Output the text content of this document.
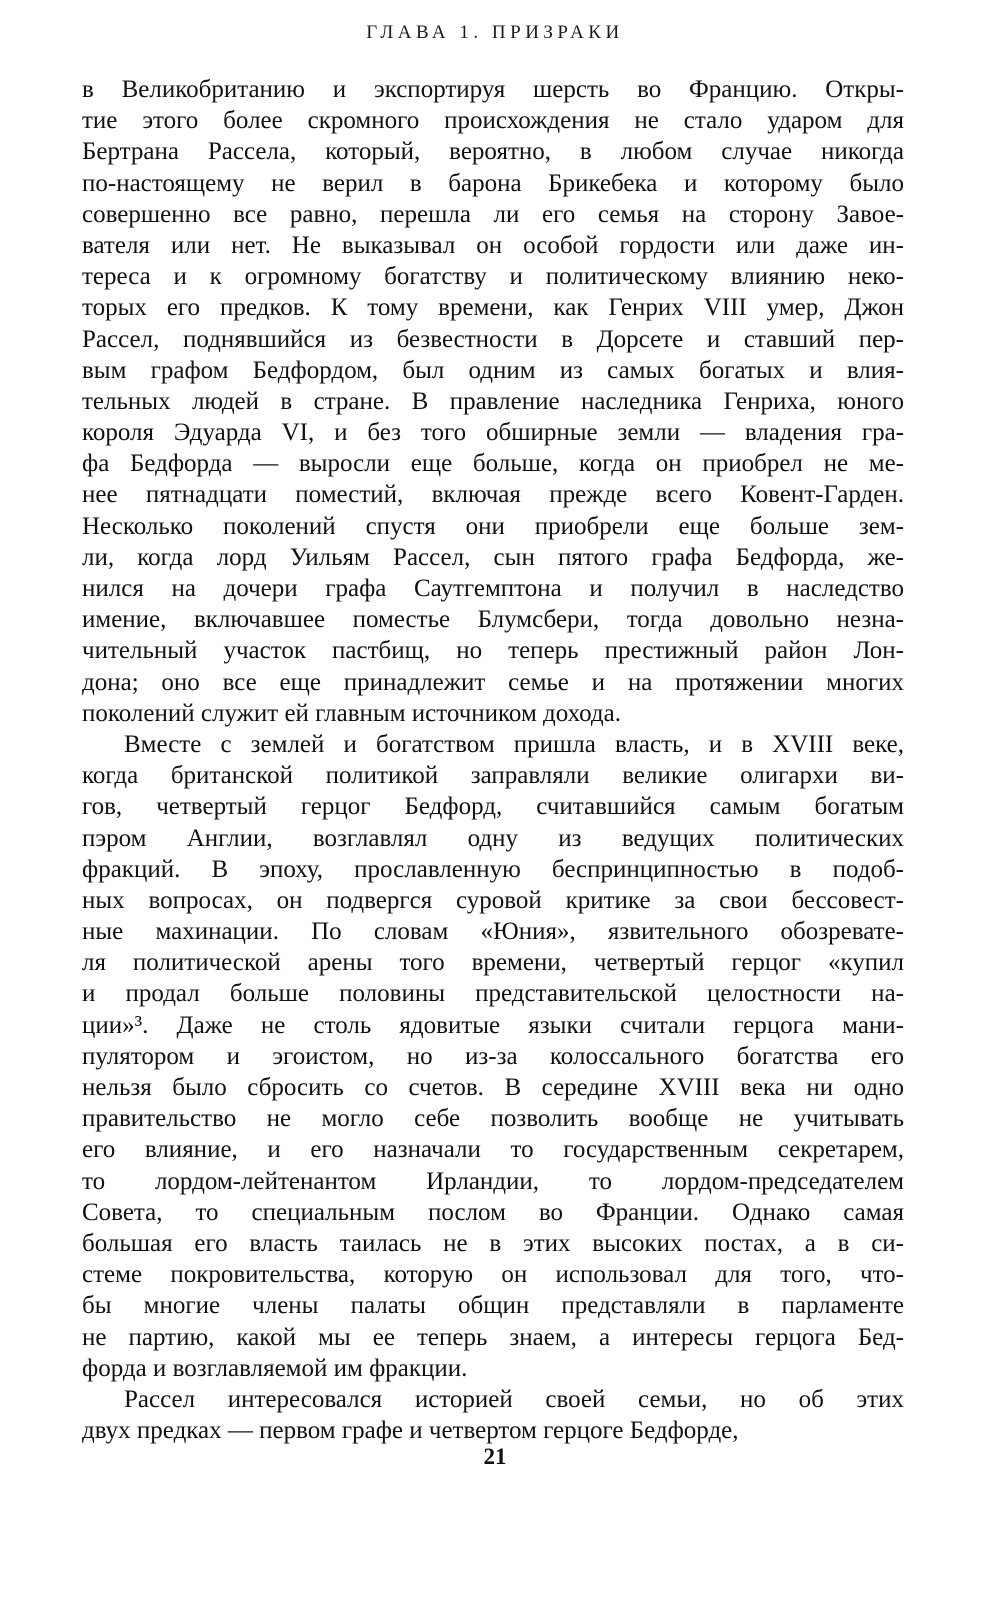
ГЛАВА 1. ПРИЗРАКИ
в Великобританию и экспортируя шерсть во Францию. Откры-
тие этого более скромного происхождения не стало ударом для
Бертрана Рассела, который, вероятно, в любом случае никогда
по-настоящему не верил в барона Брикебека и которому было
совершенно все равно, перешла ли его семья на сторону Завое-
вателя или нет. Не выказывал он особой гордости или даже ин-
тереса и к огромному богатству и политическому влиянию неко-
торых его предков. К тому времени, как Генрих VIII умер, Джон
Рассел, поднявшийся из безвестности в Дорсете и ставший пер-
вым графом Бедфордом, был одним из самых богатых и влия-
тельных людей в стране. В правление наследника Генриха, юного
короля Эдуарда VI, и без того обширные земли — владения гра-
фа Бедфорда — выросли еще больше, когда он приобрел не ме-
нее пятнадцати поместий, включая прежде всего Ковент-Гарден.
Несколько поколений спустя они приобрели еще больше зем-
ли, когда лорд Уильям Рассел, сын пятого графа Бедфорда, же-
нился на дочери графа Саутгемптона и получил в наследство
имение, включавшее поместье Блумсбери, тогда довольно незна-
чительный участок пастбищ, но теперь престижный район Лон-
дона; оно все еще принадлежит семье и на протяжении многих
поколений служит ей главным источником дохода.
Вместе с землей и богатством пришла власть, и в XVIII веке,
когда британской политикой заправляли великие олигархи ви-
гов, четвертый герцог Бедфорд, считавшийся самым богатым
пэром Англии, возглавлял одну из ведущих политических
фракций. В эпоху, прославленную беспринципностью в подоб-
ных вопросах, он подвергся суровой критике за свои бессовест-
ные махинации. По словам «Юния», язвительного обозревате-
ля политической арены того времени, четвертый герцог «купил
и продал больше половины представительской целостности на-
ции»³. Даже не столь ядовитые языки считали герцога мани-
пулятором и эгоистом, но из-за колоссального богатства его
нельзя было сбросить со счетов. В середине XVIII века ни одно
правительство не могло себе позволить вообще не учитывать
его влияние, и его назначали то государственным секретарем,
то лордом-лейтенантом Ирландии, то лордом-председателем
Совета, то специальным послом во Франции. Однако самая
большая его власть таилась не в этих высоких постах, а в си-
стеме покровительства, которую он использовал для того, что-
бы многие члены палаты общин представляли в парламенте
не партию, какой мы ее теперь знаем, а интересы герцога Бед-
форда и возглавляемой им фракции.
Рассел интересовался историей своей семьи, но об этих
двух предках — первом графе и четвертом герцоге Бедфорде,
21
